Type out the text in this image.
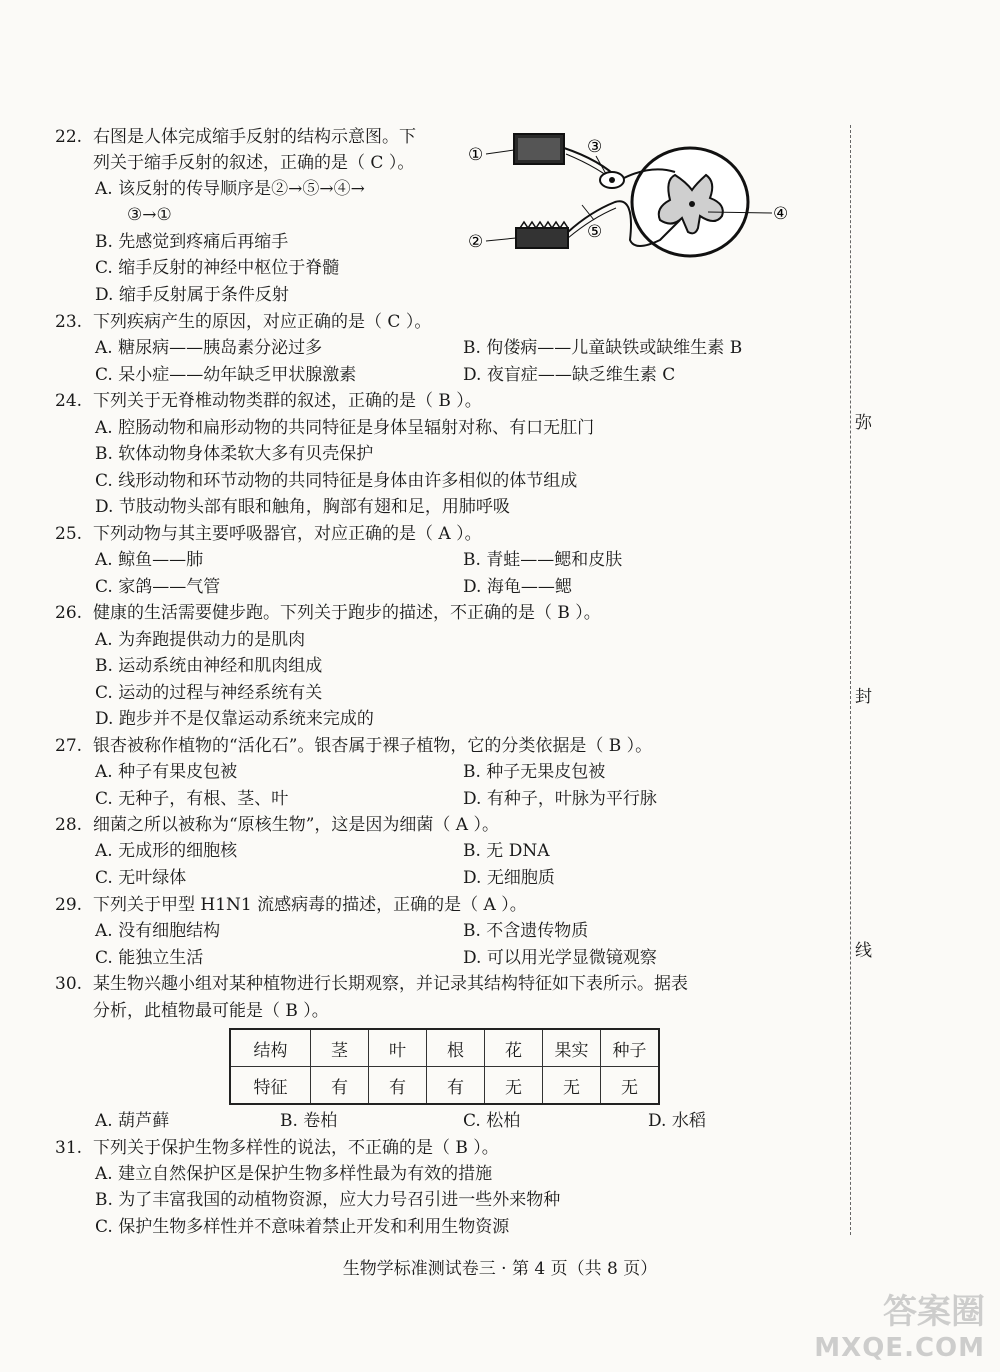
弥
封
线
22. 右图是人体完成缩手反射的结构示意图。下
列关于缩手反射的叙述，正确的是（ C ）。
A. 该反射的传导顺序是②→⑤→④→
③→①
B. 先感觉到疼痛后再缩手
C. 缩手反射的神经中枢位于脊髓
D. 缩手反射属于条件反射
①
②
③
④
⑤
23. 下列疾病产生的原因，对应正确的是（ C ）。
A. 糖尿病——胰岛素分泌过多	B. 佝偻病——儿童缺铁或缺维生素 B
C. 呆小症——幼年缺乏甲状腺激素	D. 夜盲症——缺乏维生素 C
24. 下列关于无脊椎动物类群的叙述，正确的是（ B ）。
A. 腔肠动物和扁形动物的共同特征是身体呈辐射对称、有口无肛门
B. 软体动物身体柔软大多有贝壳保护
C. 线形动物和环节动物的共同特征是身体由许多相似的体节组成
D. 节肢动物头部有眼和触角，胸部有翅和足，用肺呼吸
25. 下列动物与其主要呼吸器官，对应正确的是（ A ）。
A. 鲸鱼——肺	B. 青蛙——鳃和皮肤
C. 家鸽——气管	D. 海龟——鳃
26. 健康的生活需要健步跑。下列关于跑步的描述，不正确的是（ B ）。
A. 为奔跑提供动力的是肌肉
B. 运动系统由神经和肌肉组成
C. 运动的过程与神经系统有关
D. 跑步并不是仅靠运动系统来完成的
27. 银杏被称作植物的“活化石”。银杏属于裸子植物，它的分类依据是（ B ）。
A. 种子有果皮包被	B. 种子无果皮包被
C. 无种子，有根、茎、叶	D. 有种子，叶脉为平行脉
28. 细菌之所以被称为“原核生物”，这是因为细菌（ A ）。
A. 无成形的细胞核	B. 无 DNA
C. 无叶绿体	D. 无细胞质
29. 下列关于甲型 H1N1 流感病毒的描述，正确的是（ A ）。
A. 没有细胞结构	B. 不含遗传物质
C. 能独立生活	D. 可以用光学显微镜观察
30. 某生物兴趣小组对某种植物进行长期观察，并记录其结构特征如下表所示。据表
分析，此植物最可能是（ B ）。
A. 葫芦藓	B. 卷柏	C. 松柏	D. 水稻
结构	茎	叶	根	花	果实	种子
特征	有	有	有	无	无	无
31. 下列关于保护生物多样性的说法，不正确的是（ B ）。
A. 建立自然保护区是保护生物多样性最为有效的措施
B. 为了丰富我国的动植物资源，应大力号召引进一些外来物种
C. 保护生物多样性并不意味着禁止开发和利用生物资源
生物学标准测试卷三 · 第 4 页（共 8 页）
答案圈
MXQE.COM
